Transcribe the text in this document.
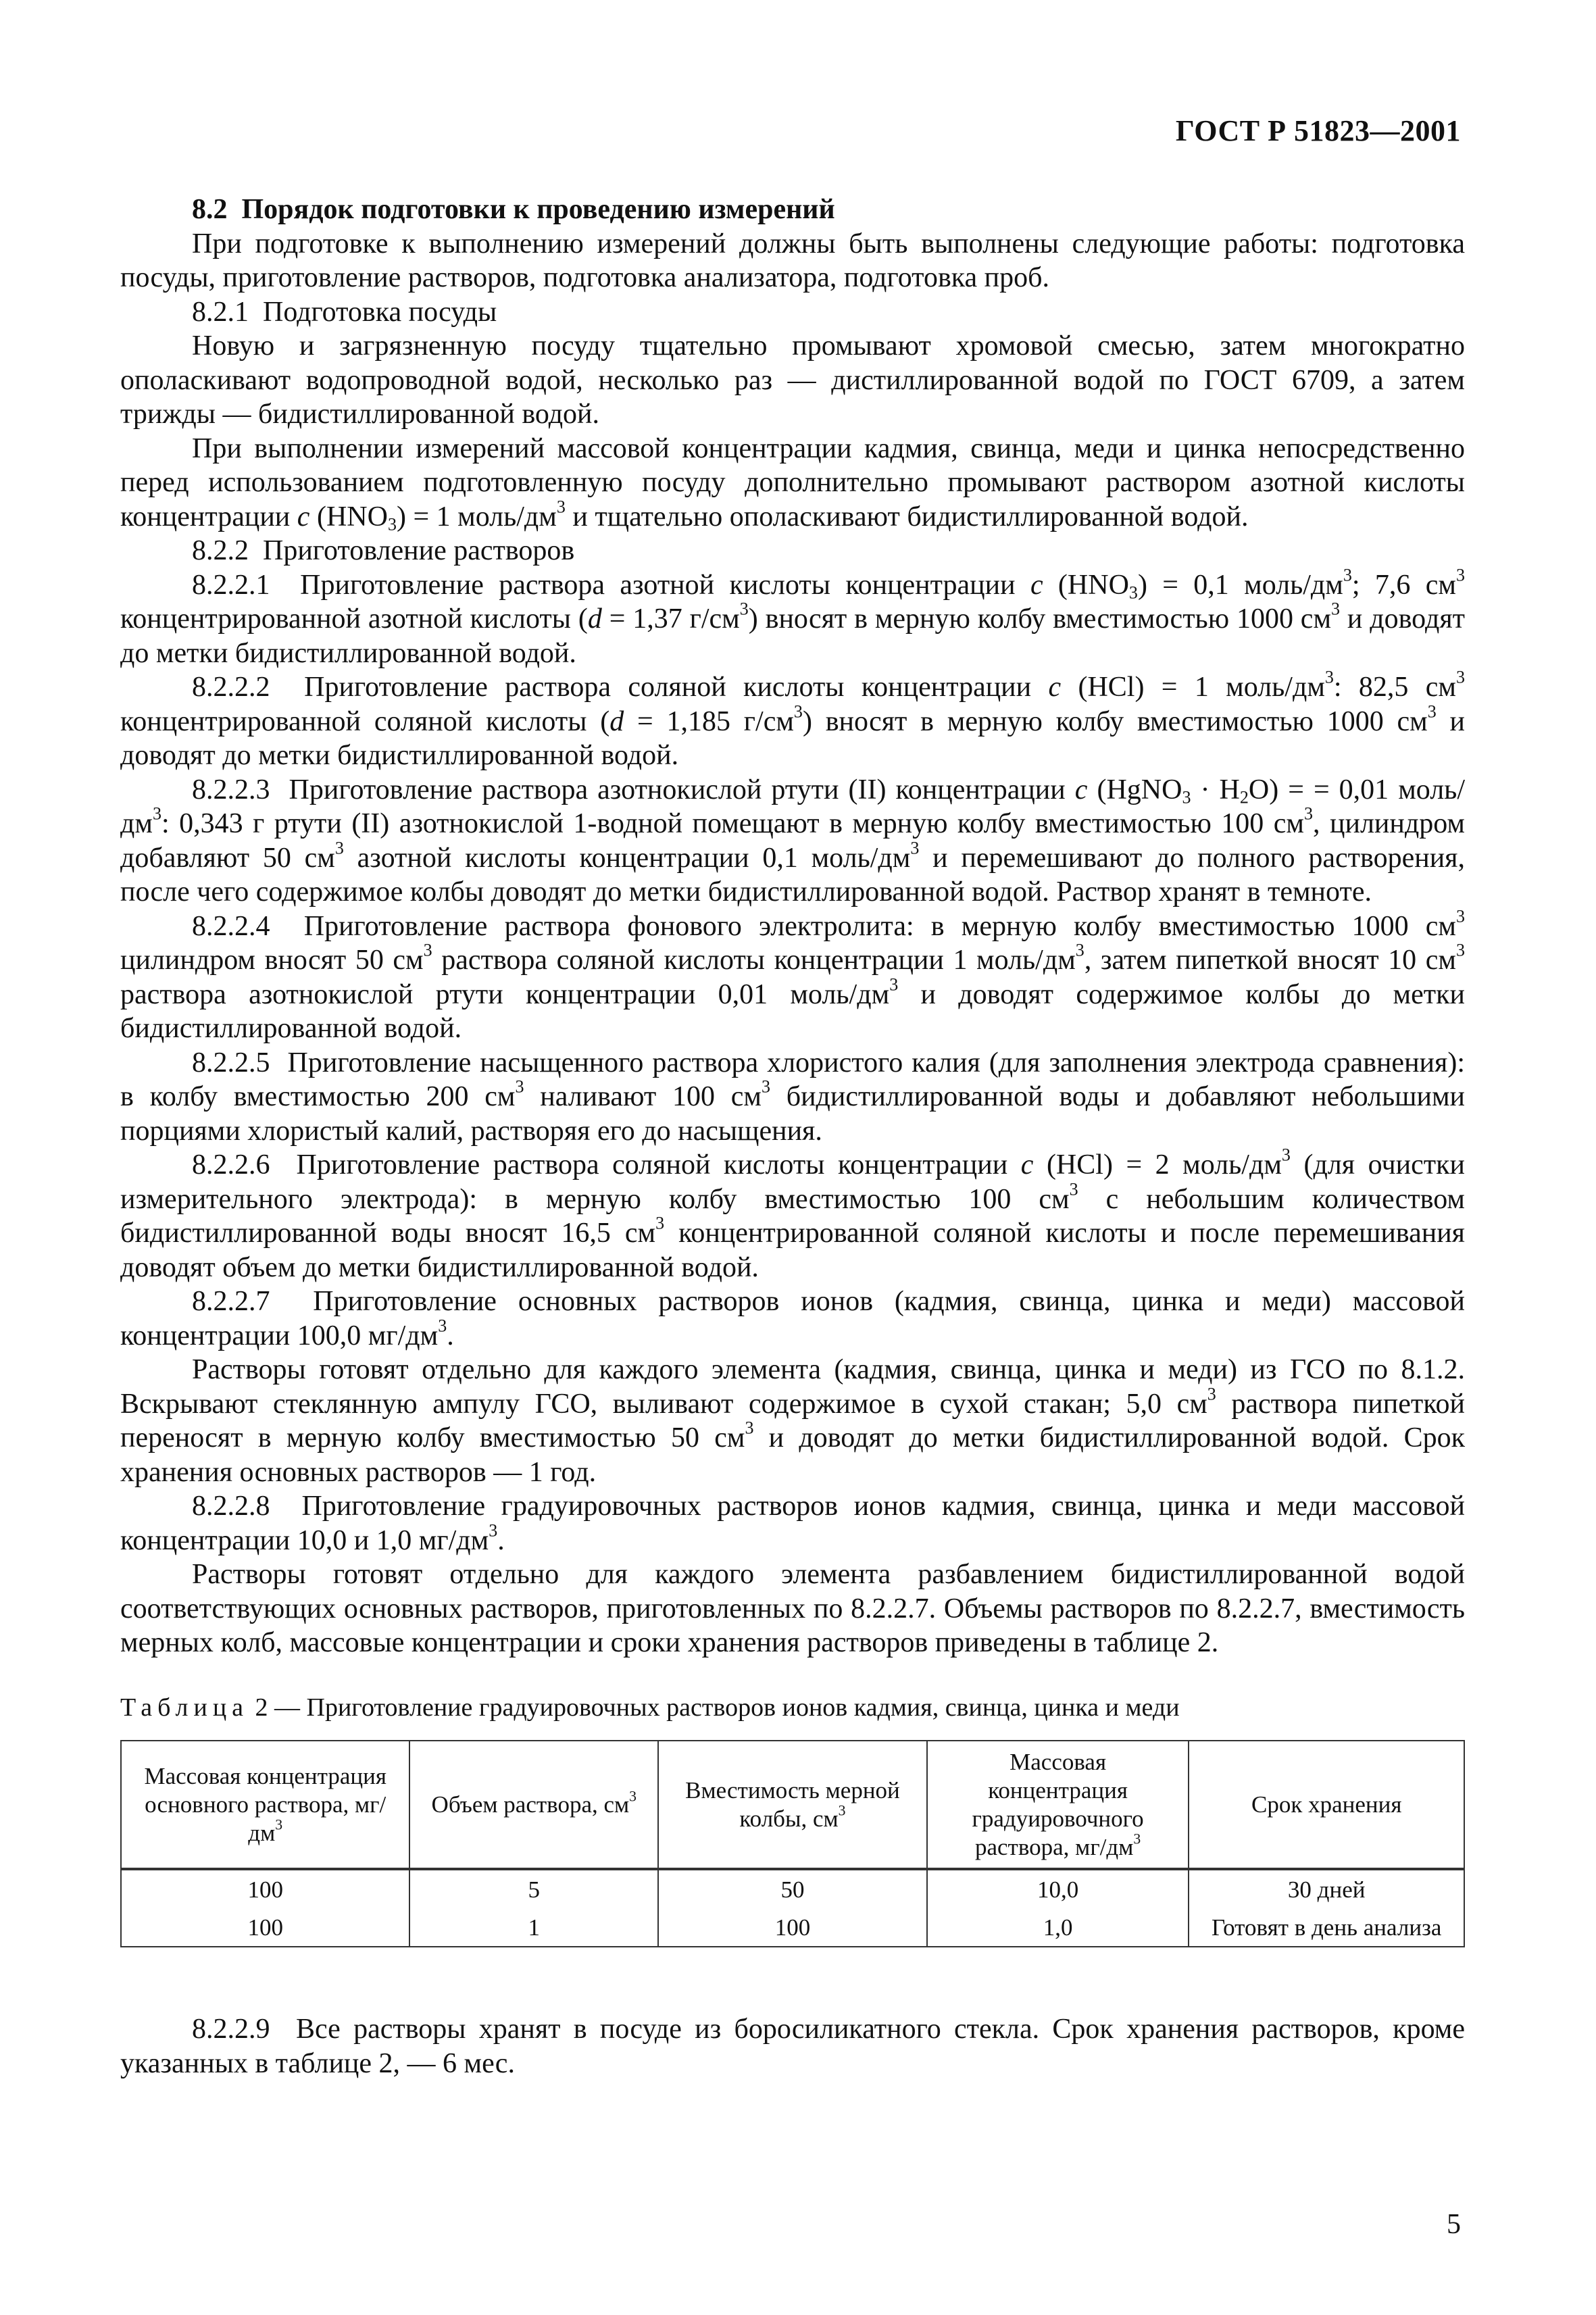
ГОСТ Р 51823—2001

8.2  Порядок подготовки к проведению измерений

При подготовке к выполнению измерений должны быть выполнены следующие работы: подготовка посуды, приготовление растворов, подготовка анализатора, подготовка проб.

8.2.1  Подготовка посуды

Новую и загрязненную посуду тщательно промывают хромовой смесью, затем многократно ополаскивают водопроводной водой, несколько раз — дистиллированной водой по ГОСТ 6709, а затем трижды — бидистиллированной водой.

При выполнении измерений массовой концентрации кадмия, свинца, меди и цинка непосредственно перед использованием подготовленную посуду дополнительно промывают раствором азотной кислоты концентрации c $(HNO_3) = 1$ моль/$дм^3$ и тщательно ополаскивают бидистиллированной водой.

8.2.2  Приготовление растворов

8.2.2.1  Приготовление раствора азотной кислоты концентрации c $(HNO_3) = 0,1$ моль/$дм^3$; 7,6 $см^3$ концентрированной азотной кислоты (d = 1,37 $г/см^3$) вносят в мерную колбу вместимостью 1000 $см^3$ и доводят до метки бидистиллированной водой.

8.2.2.2  Приготовление раствора соляной кислоты концентрации c (HCl) = 1 моль/$дм^3$: 82,5 $см^3$ концентрированной соляной кислоты (d = 1,185 $г/см^3$) вносят в мерную колбу вместимостью 1000 $см^3$ и доводят до метки бидистиллированной водой.

8.2.2.3  Приготовление раствора азотнокислой ртути (II) концентрации c (HgNO$_3$ · $H_2O$) = = 0,01 моль/$дм^3$: 0,343 г ртути (II) азотнокислой 1-водной помещают в мерную колбу вместимостью 100 $см^3$, цилиндром добавляют 50 $см^3$ азотной кислоты концентрации 0,1 моль/$дм^3$ и перемешивают до полного растворения, после чего содержимое колбы доводят до метки бидистиллированной водой. Раствор хранят в темноте.

8.2.2.4  Приготовление раствора фонового электролита: в мерную колбу вместимостью 1000 $см^3$ цилиндром вносят 50 $см^3$ раствора соляной кислоты концентрации 1 моль/$дм^3$, затем пипеткой вносят 10 $см^3$ раствора азотнокислой ртути концентрации 0,01 моль/$дм^3$ и доводят содержимое колбы до метки бидистиллированной водой.

8.2.2.5  Приготовление насыщенного раствора хлористого калия (для заполнения электрода сравнения): в колбу вместимостью 200 $см^3$ наливают 100 $см^3$ бидистиллированной воды и добавляют небольшими порциями хлористый калий, растворяя его до насыщения.

8.2.2.6  Приготовление раствора соляной кислоты концентрации c (HCl) = 2 моль/$дм^3$ (для очистки измерительного электрода): в мерную колбу вместимостью 100 $см^3$ с небольшим количеством бидистиллированной воды вносят 16,5 $см^3$ концентрированной соляной кислоты и после перемешивания доводят объем до метки бидистиллированной водой.

8.2.2.7  Приготовление основных растворов ионов (кадмия, свинца, цинка и меди) массовой концентрации 100,0 $мг/дм^3$.

Растворы готовят отдельно для каждого элемента (кадмия, свинца, цинка и меди) из ГСО по 8.1.2. Вскрывают стеклянную ампулу ГСО, выливают содержимое в сухой стакан; 5,0 $см^3$ раствора пипеткой переносят в мерную колбу вместимостью 50 $см^3$ и доводят до метки бидистиллированной водой. Срок хранения основных растворов — 1 год.

8.2.2.8  Приготовление градуировочных растворов ионов кадмия, свинца, цинка и меди массовой концентрации 10,0 и 1,0 $мг/дм^3$.

Растворы готовят отдельно для каждого элемента разбавлением бидистиллированной водой соответствующих основных растворов, приготовленных по 8.2.2.7. Объемы растворов по 8.2.2.7, вместимость мерных колб, массовые концентрации и сроки хранения растворов приведены в таблице 2.

Таблица 2 — Приготовление градуировочных растворов ионов кадмия, свинца, цинка и меди
Массовая концентрация основного раствора, $мг/дм^3$	Объем раствора, $см^3$	Вместимость мерной колбы, $см^3$	Массовая концентрация градуировочного раствора, $мг/дм^3$	Срок хранения
100	5	50	10,0	30 дней
100	1	100	1,0	Готовят в день анализа

8.2.2.9  Все растворы хранят в посуде из боросиликатного стекла. Срок хранения растворов, кроме указанных в таблице 2, — 6 мес.

5
